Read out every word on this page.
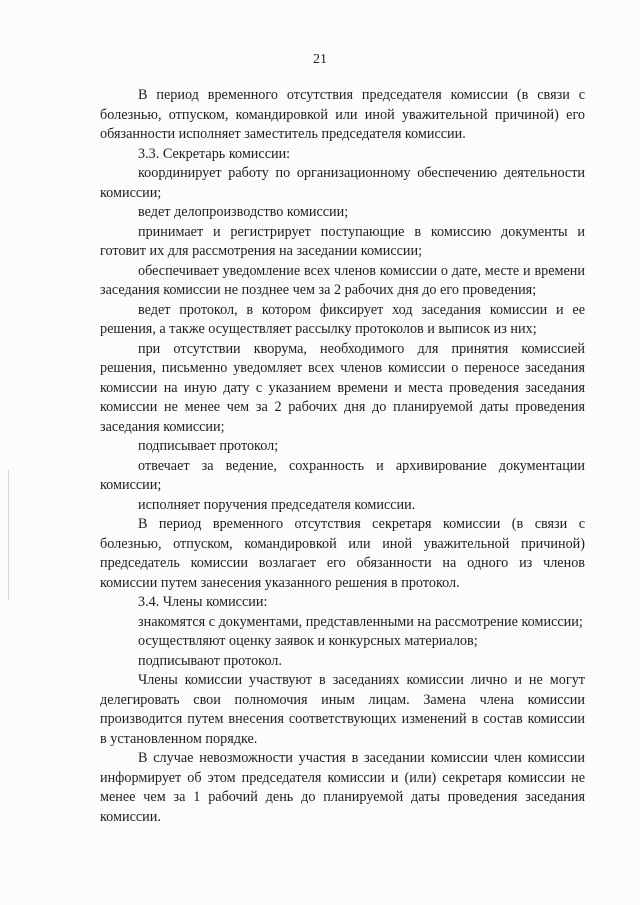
21

В период временного отсутствия председателя комиссии (в связи с болезнью, отпуском, командировкой или иной уважительной причиной) его обязанности исполняет заместитель председателя комиссии.

3.3. Секретарь комиссии:

координирует работу по организационному обеспечению деятельности комиссии;

ведет делопроизводство комиссии;

принимает и регистрирует поступающие в комиссию документы и готовит их для рассмотрения на заседании комиссии;

обеспечивает уведомление всех членов комиссии о дате, месте и времени заседания комиссии не позднее чем за 2 рабочих дня до его проведения;

ведет протокол, в котором фиксирует ход заседания комиссии и ее решения, а также осуществляет рассылку протоколов и выписок из них;

при отсутствии кворума, необходимого для принятия комиссией решения, письменно уведомляет всех членов комиссии о переносе заседания комиссии на иную дату с указанием времени и места проведения заседания комиссии не менее чем за 2 рабочих дня до планируемой даты проведения заседания комиссии;

подписывает протокол;

отвечает за ведение, сохранность и архивирование документации комиссии;

исполняет поручения председателя комиссии.

В период временного отсутствия секретаря комиссии (в связи с болезнью, отпуском, командировкой или иной уважительной причиной) председатель комиссии возлагает его обязанности на одного из членов комиссии путем занесения указанного решения в протокол.

3.4. Члены комиссии:

знакомятся с документами, представленными на рассмотрение комиссии;

осуществляют оценку заявок и конкурсных материалов;

подписывают протокол.

Члены комиссии участвуют в заседаниях комиссии лично и не могут делегировать свои полномочия иным лицам. Замена члена комиссии производится путем внесения соответствующих изменений в состав комиссии в установленном порядке.

В случае невозможности участия в заседании комиссии член комиссии информирует об этом председателя комиссии и (или) секретаря комиссии не менее чем за 1 рабочий день до планируемой даты проведения заседания комиссии.
